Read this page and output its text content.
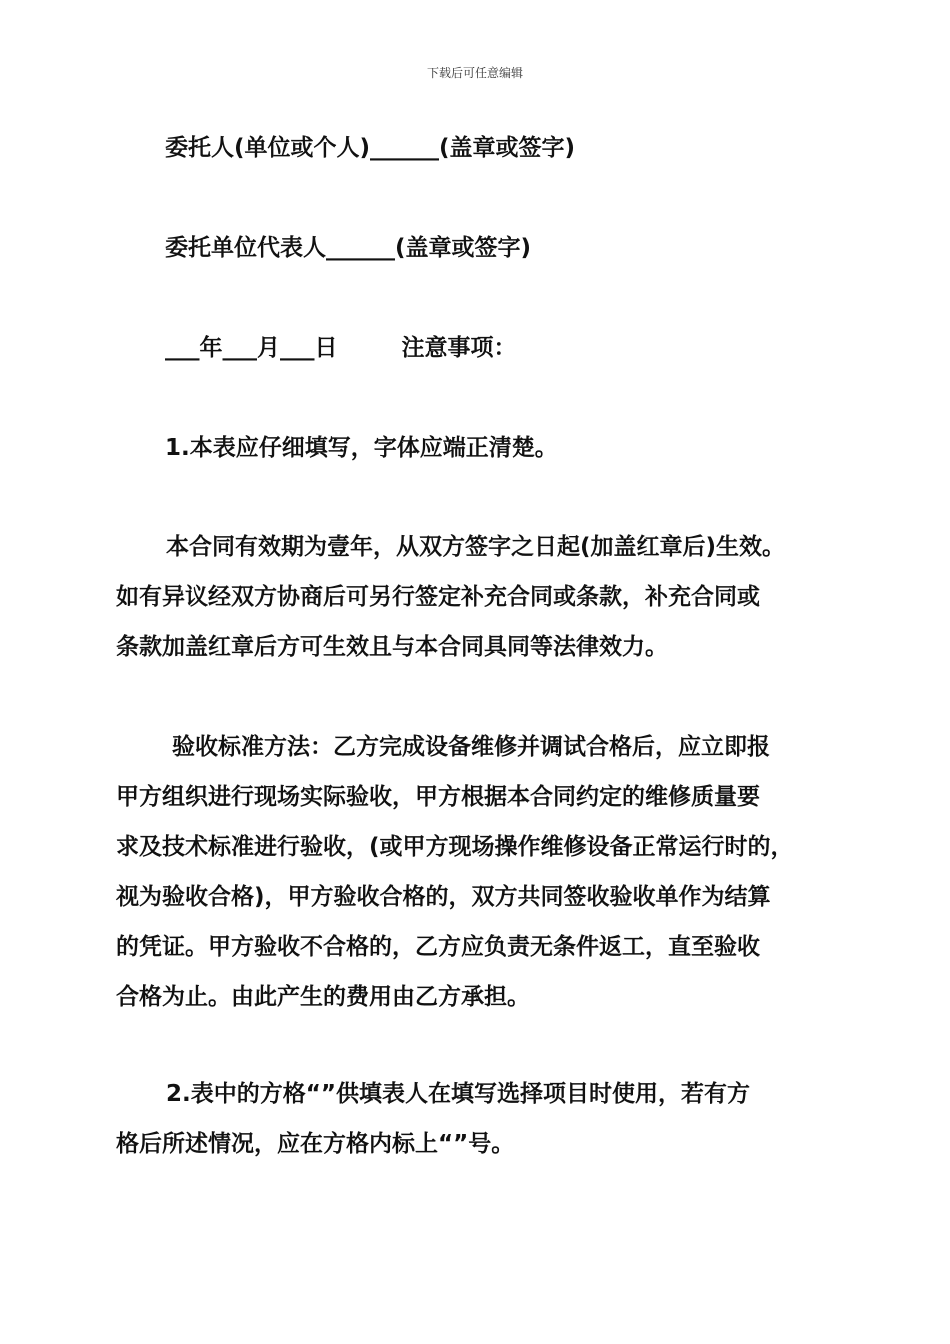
下载后可任意编辑
委托人(单位或个人)______(盖章或签字)
委托单位代表人______(盖章或签字)
___年___月___日        注意事项：
1.本表应仔细填写，字体应端正清楚。
本合同有效期为壹年，从双方签字之日起(加盖红章后)生效。
如有异议经双方协商后可另行签定补充合同或条款，补充合同或
条款加盖红章后方可生效且与本合同具同等法律效力。
验收标准方法：乙方完成设备维修并调试合格后，应立即报
甲方组织进行现场实际验收，甲方根据本合同约定的维修质量要
求及技术标准进行验收，(或甲方现场操作维修设备正常运行时的，
视为验收合格)，甲方验收合格的，双方共同签收验收单作为结算
的凭证。甲方验收不合格的，乙方应负责无条件返工，直至验收
合格为止。由此产生的费用由乙方承担。
2.表中的方格“”供填表人在填写选择项目时使用，若有方
格后所述情况，应在方格内标上“”号。
